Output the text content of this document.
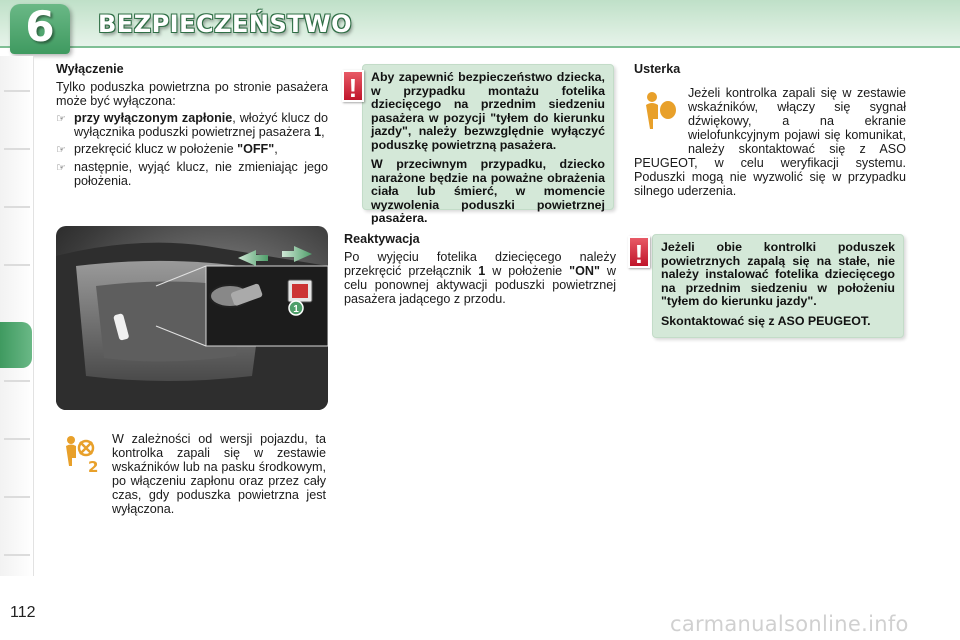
6	BEZPIECZEŃSTWO
Wyłączenie

Tylko poduszka powietrzna po stronie pasażera może być wyłączona:

☞ przy wyłączonym zapłonie, włożyć klucz do wyłącznika poduszki powietrznej pasażera 1,
☞ przekręcić klucz w położenie "OFF",
☞ następnie, wyjąć klucz, nie zmieniając jego położenia.
1
2

W zależności od wersji pojazdu, ta kontrolka zapali się w zestawie wskaźników lub na pasku środkowym, po włączeniu zapłonu oraz przez cały czas, gdy poduszka powietrzna jest wyłączona.

Aby zapewnić bezpieczeństwo dziecka, w przypadku montażu fotelika dziecięcego na przednim siedzeniu pasażera w pozycji "tyłem do kierunku jazdy", należy bezwzględnie wyłączyć poduszkę powietrzną pasażera.

W przeciwnym przypadku, dziecko narażone będzie na poważne obrażenia ciała lub śmierć, w momencie wyzwolenia poduszki powietrznej pasażera.

!
Reaktywacja

Po wyjęciu fotelika dziecięcego należy przekręcić przełącznik 1 w położenie "ON" w celu ponownej aktywacji poduszki powietrznej pasażera jadącego z przodu.

Usterka

Jeżeli kontrolka zapali się w zestawie wskaźników, włączy się sygnał dźwiękowy, a na ekranie wielofunkcyjnym pojawi się komunikat, należy skontaktować się z ASO PEUGEOT, w celu weryfikacji systemu. Poduszki mogą nie wyzwolić się w przypadku silnego uderzenia.

Jeżeli obie kontrolki poduszek powietrznych zapalą się na stałe, nie należy instalować fotelika dziecięcego na przednim siedzeniu w położeniu "tyłem do kierunku jazdy".

Skontaktować się z ASO PEUGEOT.

!
112	carmanualsonline.info
